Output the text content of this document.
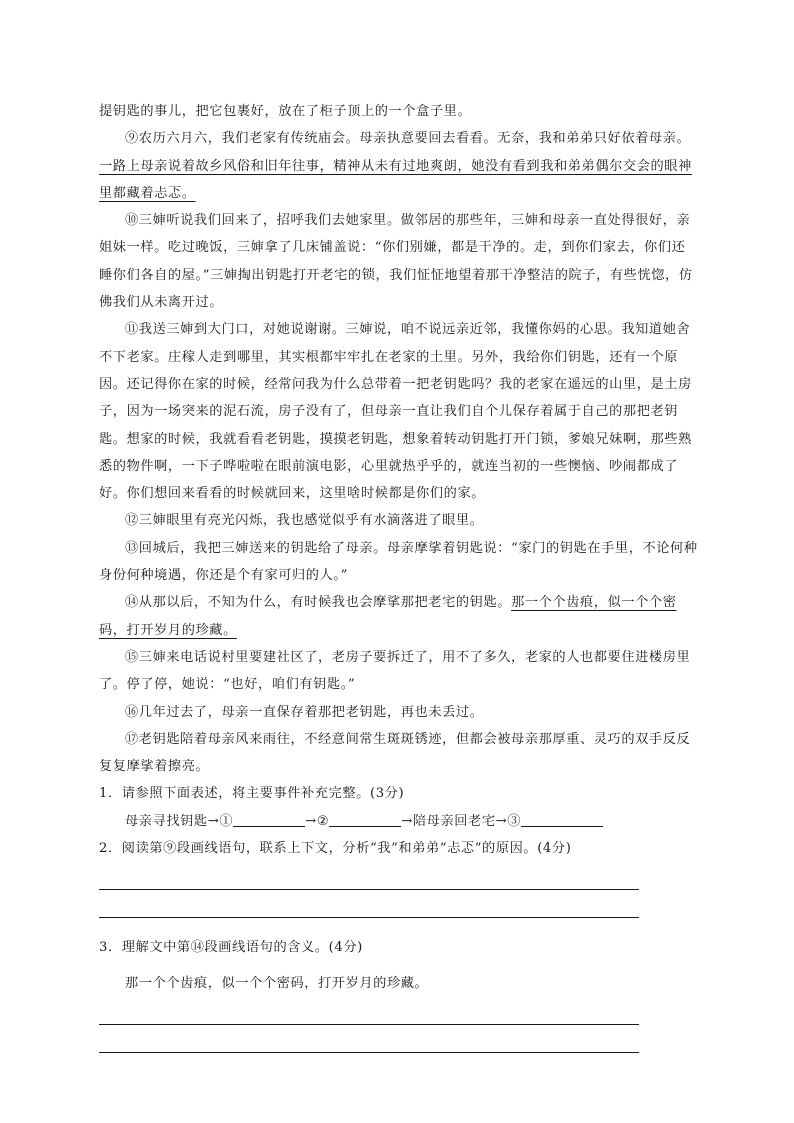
提钥匙的事儿，把它包裹好，放在了柜子顶上的一个盒子里。

⑨农历六月六，我们老家有传统庙会。母亲执意要回去看看。无奈，我和弟弟只好依着母亲。一路上母亲说着故乡风俗和旧年往事，精神从未有过地爽朗，她没有看到我和弟弟偶尔交会的眼神里都藏着忐忑。

⑩三婶听说我们回来了，招呼我们去她家里。做邻居的那些年，三婶和母亲一直处得很好，亲姐妹一样。吃过晚饭，三婶拿了几床铺盖说：“你们别嫌，都是干净的。走，到你们家去，你们还睡你们各自的屋。”三婶掏出钥匙打开老宅的锁，我们怔怔地望着那干净整洁的院子，有些恍惚，仿佛我们从未离开过。

⑪我送三婶到大门口，对她说谢谢。三婶说，咱不说远亲近邻，我懂你妈的心思。我知道她舍不下老家。庄稼人走到哪里，其实根都牢牢扎在老家的土里。另外，我给你们钥匙，还有一个原因。还记得你在家的时候，经常问我为什么总带着一把老钥匙吗？我的老家在遥远的山里，是土房子，因为一场突来的泥石流，房子没有了，但母亲一直让我们自个儿保存着属于自己的那把老钥匙。想家的时候，我就看看老钥匙，摸摸老钥匙，想象着转动钥匙打开门锁，爹娘兄妹啊，那些熟悉的物件啊，一下子哗啦啦在眼前演电影，心里就热乎乎的，就连当初的一些懊恼、吵闹都成了好。你们想回来看看的时候就回来，这里啥时候都是你们的家。

⑫三婶眼里有亮光闪烁，我也感觉似乎有水滴落进了眼里。

⑬回城后，我把三婶送来的钥匙给了母亲。母亲摩挲着钥匙说：“家门的钥匙在手里，不论何种身份何种境遇，你还是个有家可归的人。”

⑭从那以后，不知为什么，有时候我也会摩挲那把老宅的钥匙。那一个个齿痕，似一个个密码，打开岁月的珍藏。

⑮三婶来电话说村里要建社区了，老房子要拆迁了，用不了多久，老家的人也都要住进楼房里了。停了停，她说：“也好，咱们有钥匙。”

⑯几年过去了，母亲一直保存着那把老钥匙，再也未丢过。

⑰老钥匙陪着母亲风来雨往，不经意间常生斑斑锈迹，但都会被母亲那厚重、灵巧的双手反反复复摩挲着擦亮。

1．请参照下面表述，将主要事件补充完整。(3分)

母亲寻找钥匙→①	→②	→陪母亲回老宅→③

2．阅读第⑨段画线语句，联系上下文，分析“我”和弟弟“忐忑”的原因。(4分)

3．理解文中第⑭段画线语句的含义。(4分)

那一个个齿痕，似一个个密码，打开岁月的珍藏。
